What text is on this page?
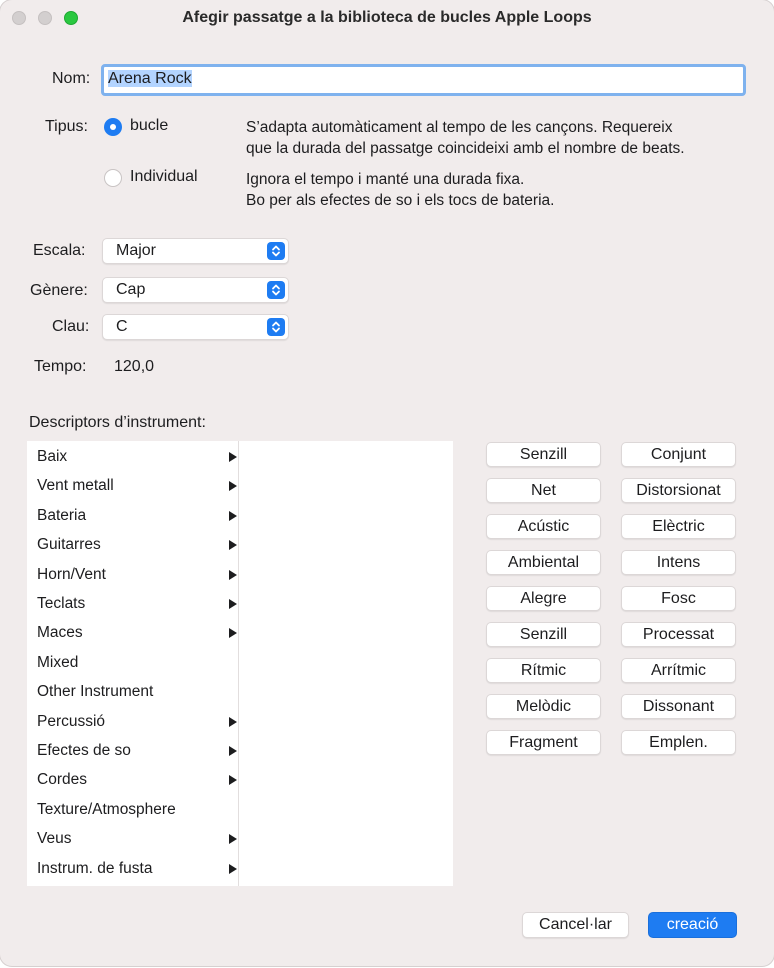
Afegir passatge a la biblioteca de bucles Apple Loops
Nom:	Arena Rock
Tipus:	bucle	S’adapta automàticament al tempo de les cançons. Requereix
que la durada del passatge coincideixi amb el nombre de beats.
Individual	Ignora el tempo i manté una durada fixa.
Bo per als efectes de so i els tocs de bateria.
Escala:	Major
Gènere:	Cap
Clau:	C
Tempo: 120,0
Descriptors d’instrument:
Baix
Vent metall
Bateria
Guitarres
Horn/Vent
Teclats
Maces
Mixed
Other Instrument
Percussió
Efectes de so
Cordes
Texture/Atmosphere
Veus
Instrum. de fusta
Senzill	Conjunt
Net	Distorsionat
Acústic	Elèctric
Ambiental	Intens
Alegre	Fosc
Senzill	Processat
Rítmic	Arrítmic
Melòdic	Dissonant
Fragment	Emplen.
Cancel·lar	creació
